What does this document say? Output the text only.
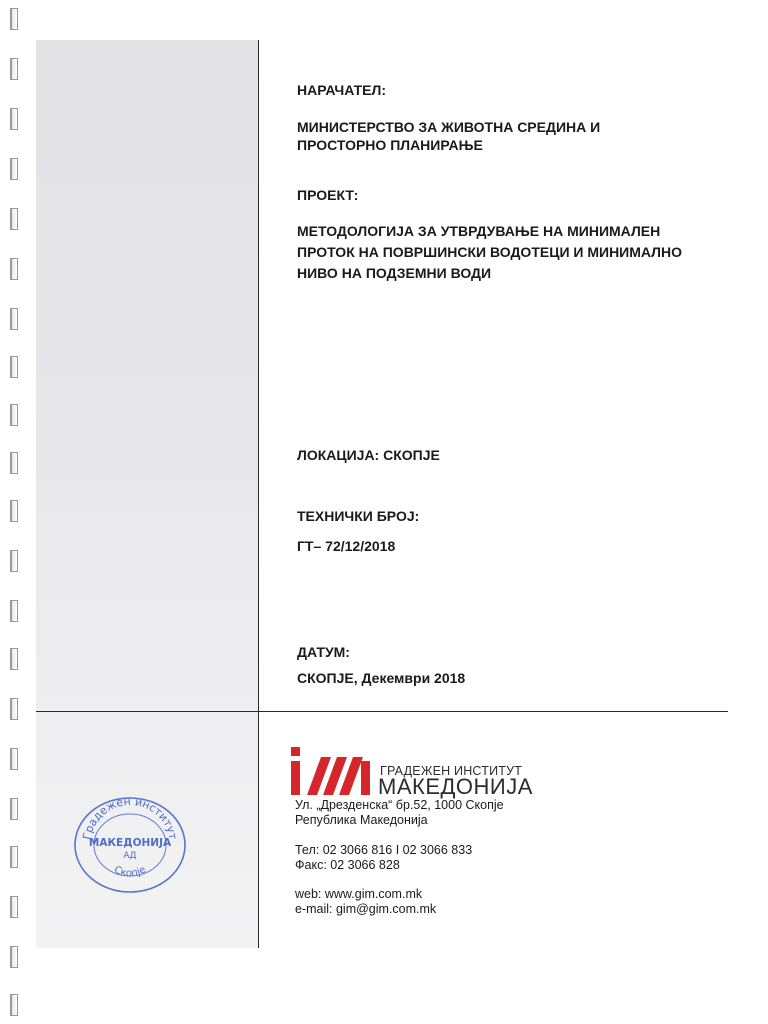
НАРАЧАТЕЛ:
МИНИСТЕРСТВО ЗА ЖИВОТНА СРЕДИНА И
ПРОСТОРНО ПЛАНИРАЊЕ
ПРОЕКТ:
МЕТОДОЛОГИЈА ЗА УТВРДУВАЊЕ НА МИНИМАЛЕН
ПРОТОК НА ПОВРШИНСКИ ВОДОТЕЦИ И МИНИМАЛНО
НИВО НА ПОДЗЕМНИ ВОДИ
ЛОКАЦИЈА: СКОПЈЕ
ТЕХНИЧКИ БРОЈ:
ГТ– 72/12/2018
ДАТУМ:
СКОПЈЕ, Декември 2018
ГРАДЕЖЕН ИНСТИТУТ
МАКЕДОНИЈА
Ул. „Дрезденска“ бр.52, 1000 Скопје
Република Македонија
Тел: 02 3066 816 I 02 3066 833
Факс: 02 3066 828
web: www.gim.com.mk
e-mail: gim@gim.com.mk
Градежен институт
МАКЕДОНИЈА
АД
Скопје
